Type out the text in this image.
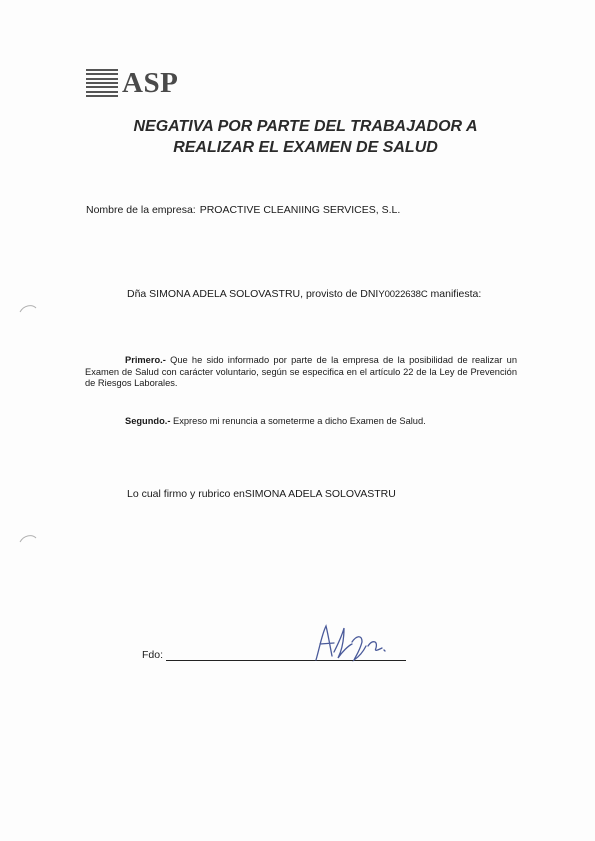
ASP
NEGATIVA POR PARTE DEL TRABAJADOR A
REALIZAR EL EXAMEN DE SALUD
Nombre de la empresa: PROACTIVE CLEANIING SERVICES, S.L.
Dña SIMONA ADELA SOLOVASTRU, provisto de DNIY0022638C manifiesta:
Primero.- Que he sido informado por parte de la empresa de la posibilidad de realizar un Examen de Salud con carácter voluntario, según se especifica en el artículo 22 de la Ley de Prevención de Riesgos Laborales.
Segundo.- Expreso mi renuncia a someterme a dicho Examen de Salud.
Lo cual firmo y rubrico enSIMONA ADELA SOLOVASTRU
Fdo:
